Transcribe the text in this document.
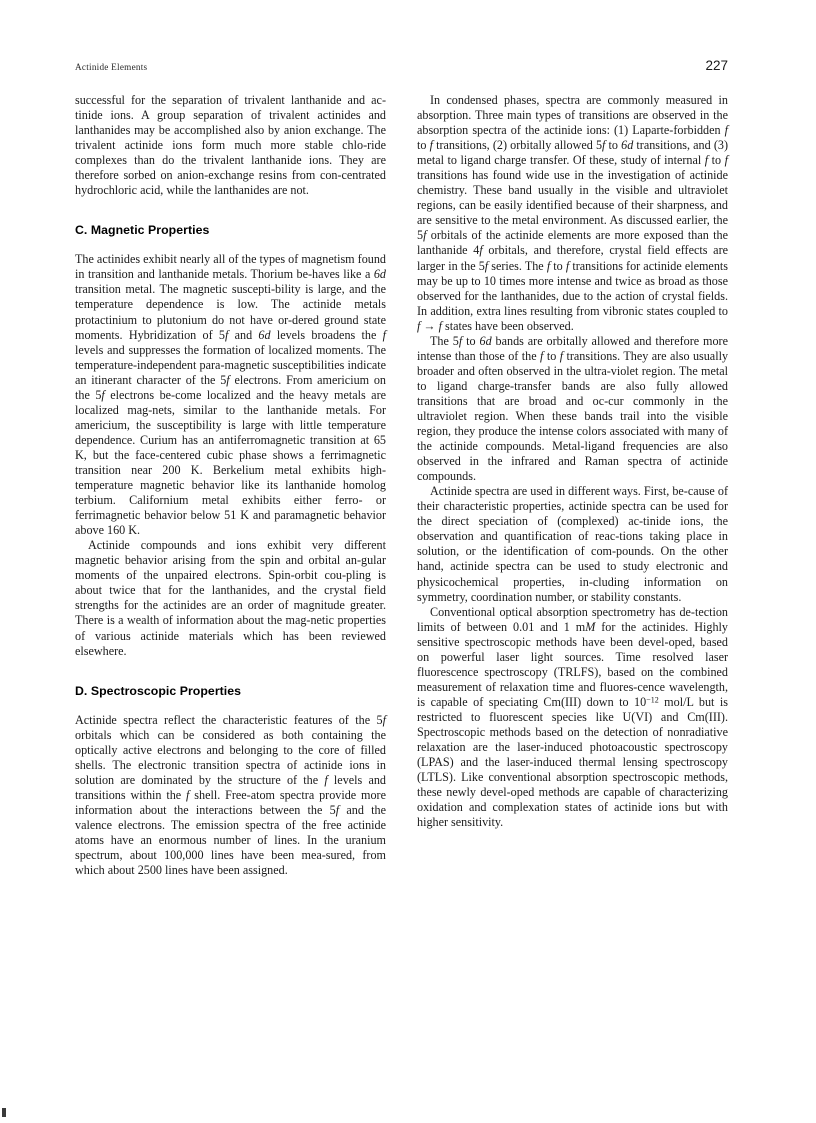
Actinide Elements	227

successful for the separation of trivalent lanthanide and ac-tinide ions. A group separation of trivalent actinides and lanthanides may be accomplished also by anion exchange. The trivalent actinide ions form much more stable chlo-ride complexes than do the trivalent lanthanide ions. They are therefore sorbed on anion-exchange resins from con-centrated hydrochloric acid, while the lanthanides are not.

C. Magnetic Properties

The actinides exhibit nearly all of the types of magnetism found in transition and lanthanide metals. Thorium be-haves like a 6d transition metal. The magnetic suscepti-bility is large, and the temperature dependence is low. The actinide metals protactinium to plutonium do not have or-dered ground state moments. Hybridization of 5f and 6d levels broadens the f levels and suppresses the formation of localized moments. The temperature-independent para-magnetic susceptibilities indicate an itinerant character of the 5f electrons. From americium on the 5f electrons be-come localized and the heavy metals are localized mag-nets, similar to the lanthanide metals. For americium, the susceptibility is large with little temperature dependence. Curium has an antiferromagnetic transition at 65 K, but the face-centered cubic phase shows a ferrimagnetic transition near 200 K. Berkelium metal exhibits high-temperature magnetic behavior like its lanthanide homolog terbium. Californium metal exhibits either ferro- or ferrimagnetic behavior below 51 K and paramagnetic behavior above 160 K.

Actinide compounds and ions exhibit very different magnetic behavior arising from the spin and orbital an-gular moments of the unpaired electrons. Spin-orbit cou-pling is about twice that for the lanthanides, and the crystal field strengths for the actinides are an order of magnitude greater. There is a wealth of information about the mag-netic properties of various actinide materials which has been reviewed elsewhere.

D. Spectroscopic Properties

Actinide spectra reflect the characteristic features of the 5f orbitals which can be considered as both containing the optically active electrons and belonging to the core of filled shells. The electronic transition spectra of actinide ions in solution are dominated by the structure of the f levels and transitions within the f shell. Free-atom spectra provide more information about the interactions between the 5f and the valence electrons. The emission spectra of the free actinide atoms have an enormous number of lines. In the uranium spectrum, about 100,000 lines have been mea-sured, from which about 2500 lines have been assigned.

In condensed phases, spectra are commonly measured in absorption. Three main types of transitions are observed in the absorption spectra of the actinide ions: (1) Laparte-forbidden f to f transitions, (2) orbitally allowed 5f to 6d transitions, and (3) metal to ligand charge transfer. Of these, study of internal f to f transitions has found wide use in the investigation of actinide chemistry. These band usually in the visible and ultraviolet regions, can be easily identified because of their sharpness, and are sensitive to the metal environment. As discussed earlier, the 5f orbitals of the actinide elements are more exposed than the lanthanide 4f orbitals, and therefore, crystal field effects are larger in the 5f series. The f to f transitions for actinide elements may be up to 10 times more intense and twice as broad as those observed for the lanthanides, due to the action of crystal fields. In addition, extra lines resulting from vibronic states coupled to f → f states have been observed.

The 5f to 6d bands are orbitally allowed and therefore more intense than those of the f to f transitions. They are also usually broader and often observed in the ultra-violet region. The metal to ligand charge-transfer bands are also fully allowed transitions that are broad and oc-cur commonly in the ultraviolet region. When these bands trail into the visible region, they produce the intense colors associated with many of the actinide compounds. Metal-ligand frequencies are also observed in the infrared and Raman spectra of actinide compounds.

Actinide spectra are used in different ways. First, be-cause of their characteristic properties, actinide spectra can be used for the direct speciation of (complexed) ac-tinide ions, the observation and quantification of reac-tions taking place in solution, or the identification of com-pounds. On the other hand, actinide spectra can be used to study electronic and physicochemical properties, in-cluding information on symmetry, coordination number, or stability constants.

Conventional optical absorption spectrometry has de-tection limits of between 0.01 and 1 mM for the actinides. Highly sensitive spectroscopic methods have been devel-oped, based on powerful laser light sources. Time resolved laser fluorescence spectroscopy (TRLFS), based on the combined measurement of relaxation time and fluores-cence wavelength, is capable of speciating Cm(III) down to $10^{-12}$ mol/L but is restricted to fluorescent species like U(VI) and Cm(III). Spectroscopic methods based on the detection of nonradiative relaxation are the laser-induced photoacoustic spectroscopy (LPAS) and the laser-induced thermal lensing spectroscopy (LTLS). Like conventional absorption spectroscopic methods, these newly devel-oped methods are capable of characterizing oxidation and complexation states of actinide ions but with higher sensitivity.
